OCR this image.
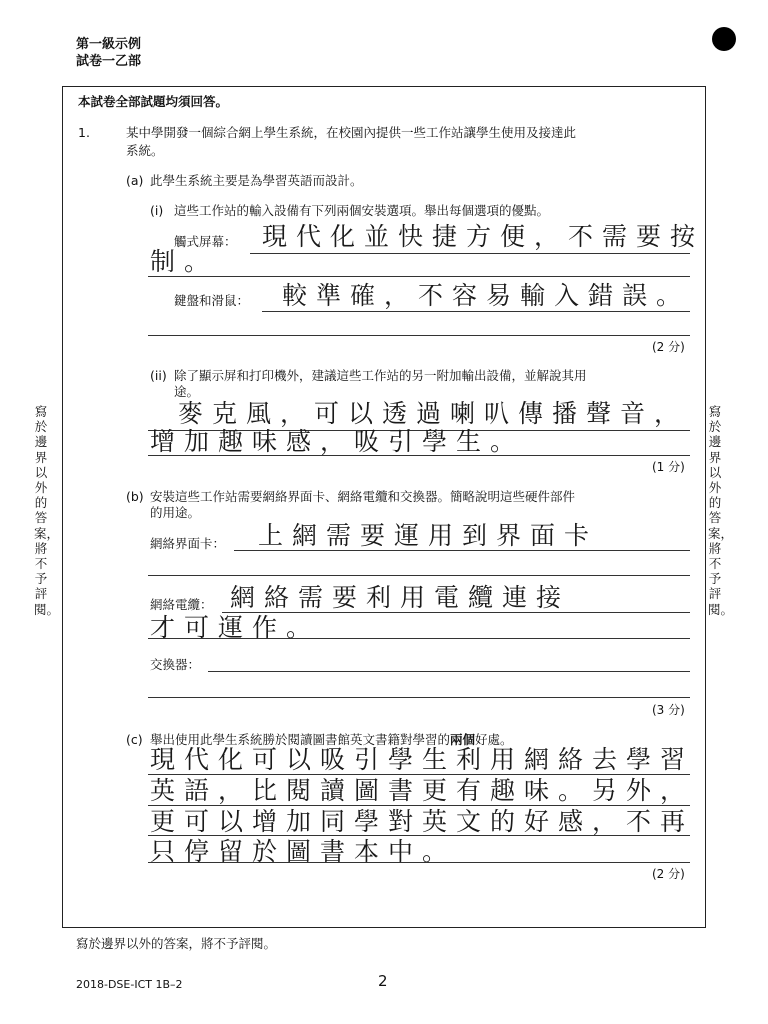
第一級示例
試卷一乙部
寫於邊界以外的答案，將不予評閱。
寫於邊界以外的答案，將不予評閱。
本試卷全部試題均須回答。
1.	某中學開發一個綜合網上學生系統，在校園內提供一些工作站讓學生使用及接達此
系統。
(a) 此學生系統主要是為學習英語而設計。
(i) 這些工作站的輸入設備有下列兩個安裝選項。舉出每個選項的優點。
觸式屏幕： 現代化並快捷方便，不需要按
制。
鍵盤和滑鼠： 較準確，不容易輸入錯誤。
(2 分)
(ii) 除了顯示屏和打印機外，建議這些工作站的另一附加輸出設備，並解說其用
途。
麥克風，可以透過喇叭傳播聲音，
增加趣味感，吸引學生。
(1 分)
(b) 安裝這些工作站需要網絡界面卡、網絡電纜和交換器。簡略說明這些硬件部件
的用途。
網絡界面卡： 上網需要運用到界面卡
網絡電纜： 網絡需要利用電纜連接
才可運作。
交換器：
(3 分)
(c) 舉出使用此學生系統勝於閱讀圖書館英文書籍對學習的兩個好處。
現代化可以吸引學生利用網絡去學習
英語，比閱讀圖書更有趣味。另外，
更可以增加同學對英文的好感，不再
只停留於圖書本中。
(2 分)
寫於邊界以外的答案，將不予評閱。
2018-DSE-ICT 1B–2	2
